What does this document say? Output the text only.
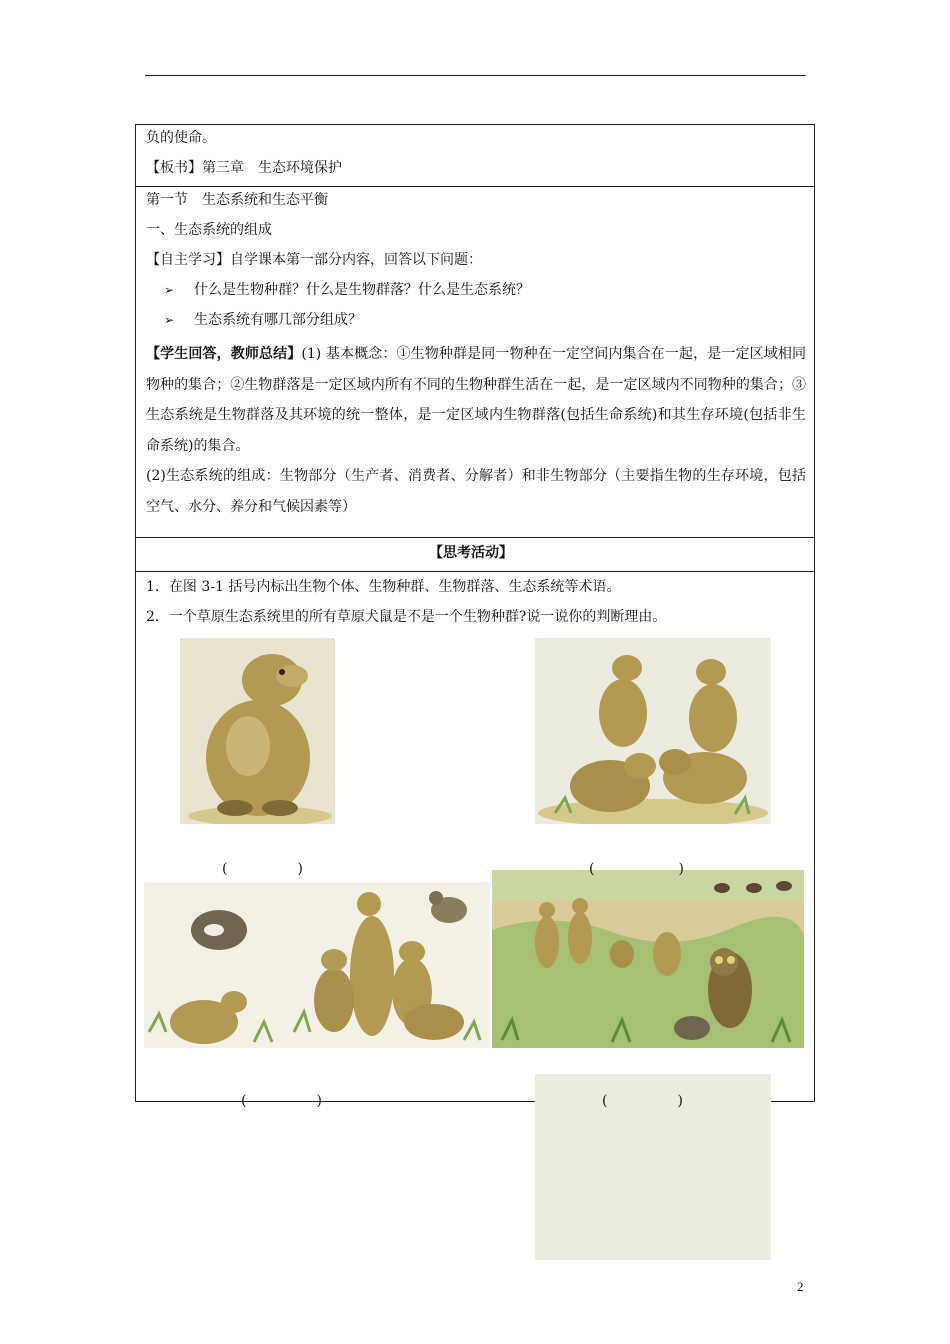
负的使命。

【板书】第三章　生态环境保护

第一节　生态系统和生态平衡

一、生态系统的组成

【自主学习】自学课本第一部分内容，回答以下问题：

➢ 什么是生物种群？什么是生物群落？什么是生态系统？

➢ 生态系统有哪几部分组成？

【学生回答，教师总结】(1) 基本概念：①生物种群是同一物种在一定空间内集合在一起，是一定区域相同物种的集合；②生物群落是一定区域内所有不同的生物种群生活在一起，是一定区域内不同物种的集合；③生态系统是生物群落及其环境的统一整体，是一定区域内生物群落(包括生命系统)和其生存环境(包括非生命系统)的集合。

(2)生态系统的组成：生物部分（生产者、消费者、分解者）和非生物部分（主要指生物的生存环境，包括空气、水分、养分和气候因素等）

【思考活动】

1．在图 3-1 括号内标出生物个体、生物种群、生物群落、生态系统等术语。

2．一个草原生态系统里的所有草原犬鼠是不是一个生物种群?说一说你的判断理由。

(　　　　　)	(　　　　　　)
(　　　　　)	(　　　　　)
2
